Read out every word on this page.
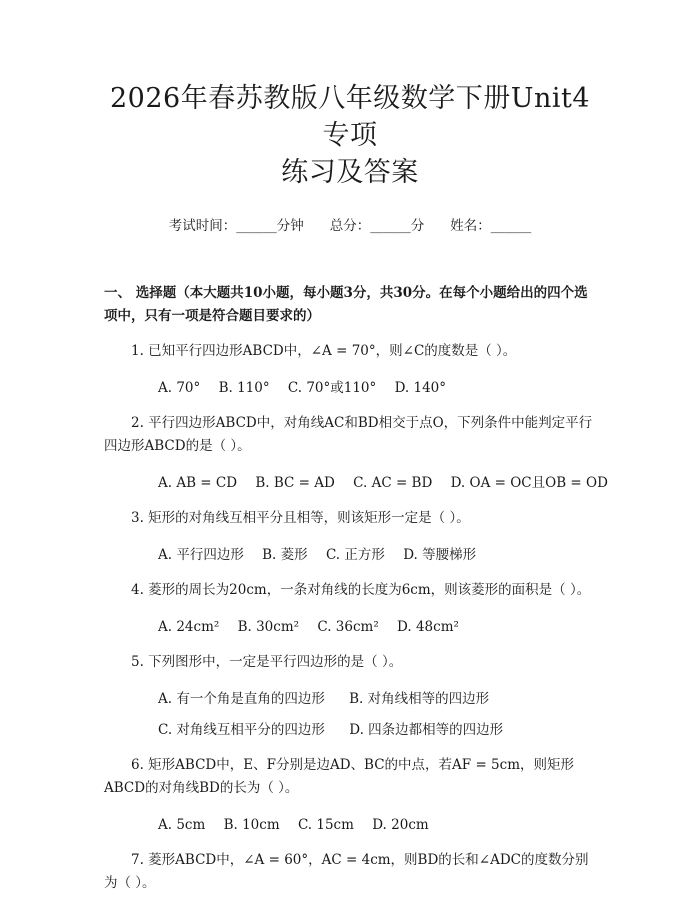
2026年春苏教版八年级数学下册Unit4专项
练习及答案
考试时间：______分钟 总分：______分 姓名：______
一、 选择题（本大题共10小题，每小题3分，共30分。在每个小题给出的四个选项中，只有一项是符合题目要求的）
1. 已知平行四边形ABCD中，∠A = 70°，则∠C的度数是（ ）。
A. 70° B. 110° C. 70°或110° D. 140°
2. 平行四边形ABCD中，对角线AC和BD相交于点O，下列条件中能判定平行四边形ABCD的是（ ）。
A. AB = CD B. BC = AD C. AC = BD D. OA = OC且OB = OD
3. 矩形的对角线互相平分且相等，则该矩形一定是（ ）。
A. 平行四边形 B. 菱形 C. 正方形 D. 等腰梯形
4. 菱形的周长为20cm，一条对角线的长度为6cm，则该菱形的面积是（ ）。
A. 24cm² B. 30cm² C. 36cm² D. 48cm²
5. 下列图形中，一定是平行四边形的是（ ）。
A. 有一个角是直角的四边形 B. 对角线相等的四边形
C. 对角线互相平分的四边形 D. 四条边都相等的四边形
6. 矩形ABCD中，E、F分别是边AD、BC的中点，若AF = 5cm，则矩形ABCD的对角线BD的长为（ ）。
A. 5cm B. 10cm C. 15cm D. 20cm
7. 菱形ABCD中，∠A = 60°，AC = 4cm，则BD的长和∠ADC的度数分别为（ ）。
